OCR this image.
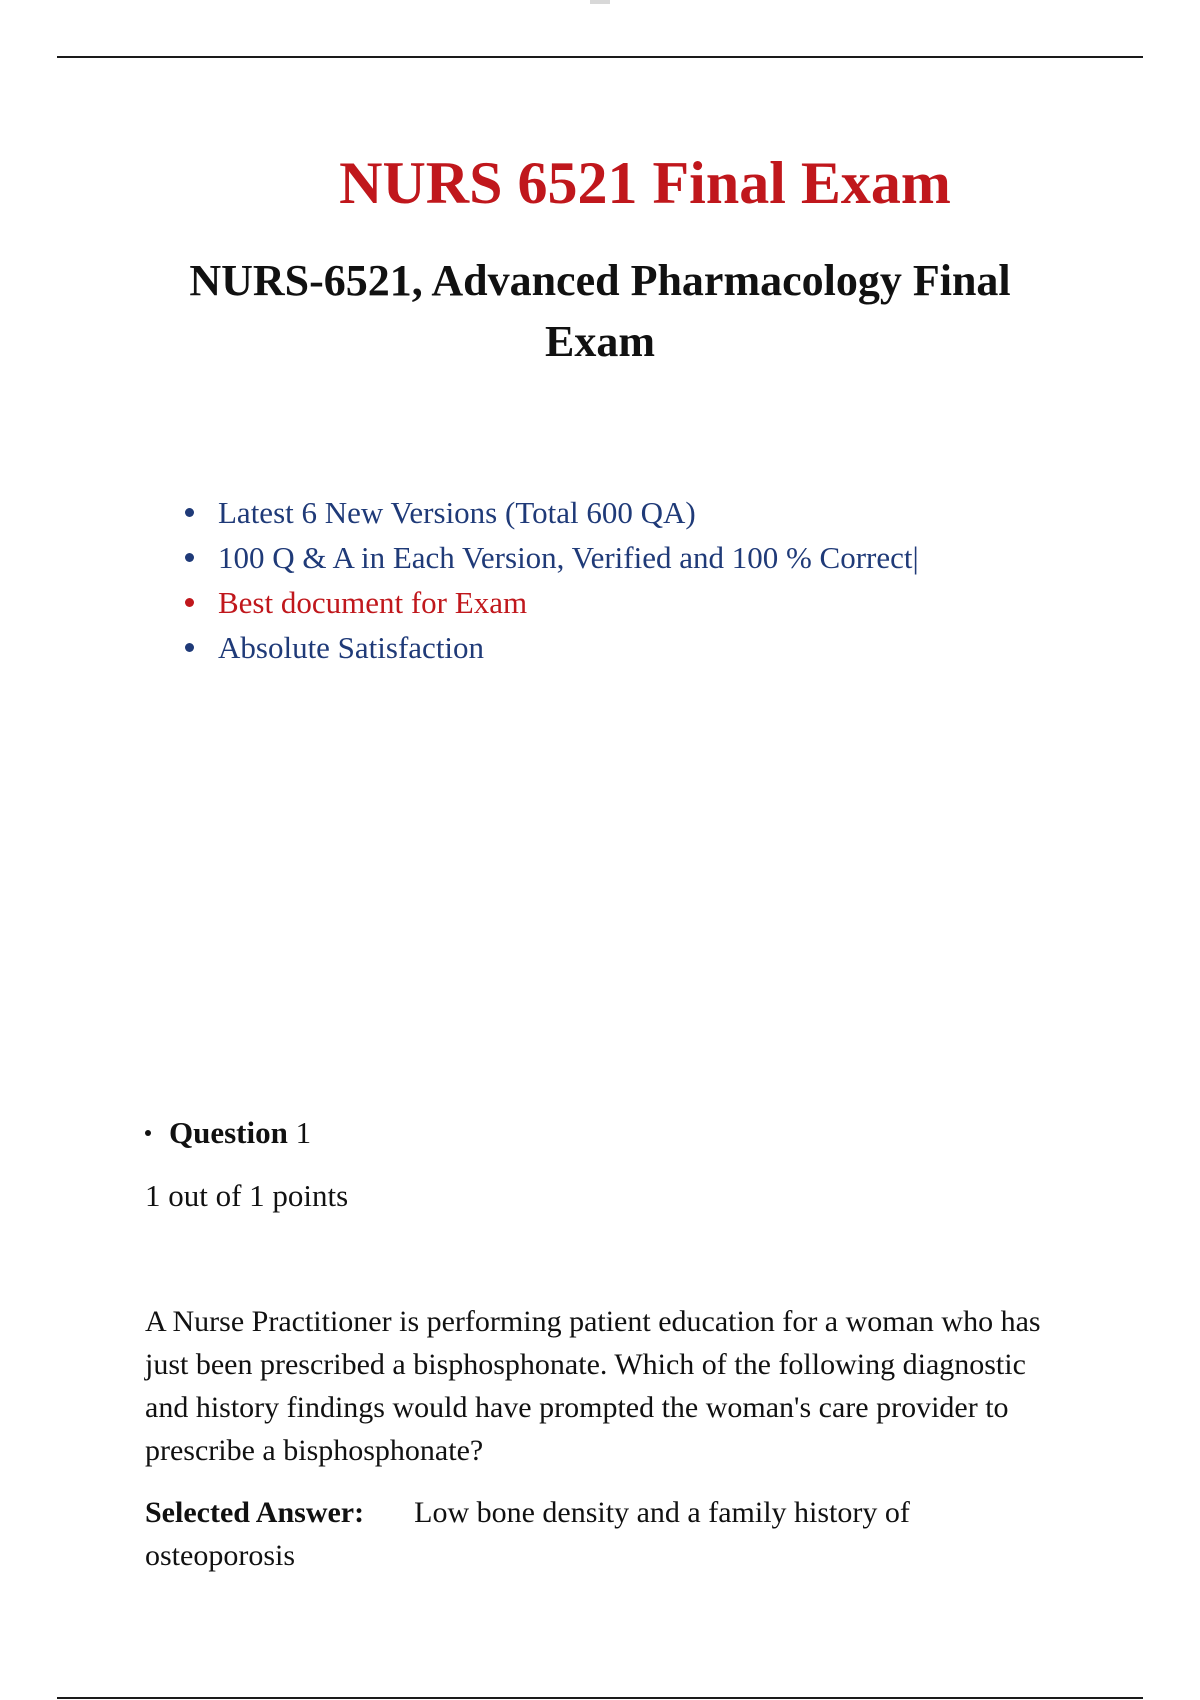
NURS 6521 Final Exam
NURS-6521, Advanced Pharmacology Final Exam
Latest 6 New Versions (Total 600 QA)
100 Q & A in Each Version, Verified and 100 % Correct|
Best document for Exam
Absolute Satisfaction
Question 1
1 out of 1 points

A Nurse Practitioner is performing patient education for a woman who has just been prescribed a bisphosphonate. Which of the following diagnostic and history findings would have prompted the woman's care provider to prescribe a bisphosphonate?

Selected Answer: Low bone density and a family history of osteoporosis
